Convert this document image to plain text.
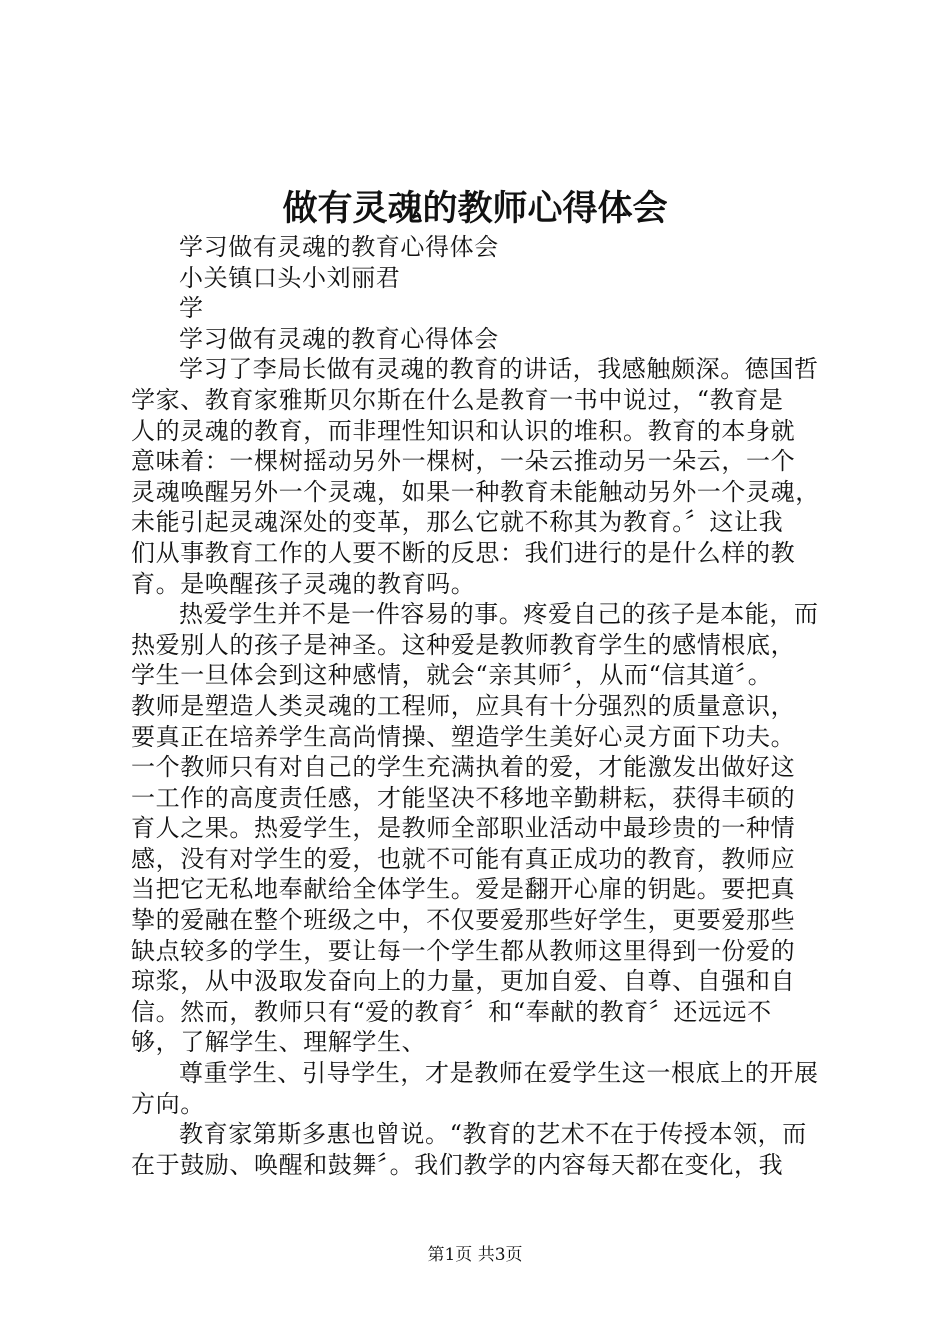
做有灵魂的教师心得体会
学习做有灵魂的教育心得体会
小关镇口头小刘丽君
学
学习做有灵魂的教育心得体会
学习了李局长做有灵魂的教育的讲话，我感触颇深。德国哲
学家、教育家雅斯贝尔斯在什么是教育一书中说过，“教育是
人的灵魂的教育，而非理性知识和认识的堆积。教育的本身就
意味着：一棵树摇动另外一棵树，一朵云推动另一朵云，一个
灵魂唤醒另外一个灵魂，如果一种教育未能触动另外一个灵魂，
未能引起灵魂深处的变革，那么它就不称其为教育。〞这让我
们从事教育工作的人要不断的反思：我们进行的是什么样的教
育。是唤醒孩子灵魂的教育吗。
热爱学生并不是一件容易的事。疼爱自己的孩子是本能，而
热爱别人的孩子是神圣。这种爱是教师教育学生的感情根底，
学生一旦体会到这种感情，就会“亲其师〞，从而“信其道〞。
教师是塑造人类灵魂的工程师，应具有十分强烈的质量意识，
要真正在培养学生高尚情操、塑造学生美好心灵方面下功夫。
一个教师只有对自己的学生充满执着的爱，才能激发出做好这
一工作的高度责任感，才能坚决不移地辛勤耕耘，获得丰硕的
育人之果。热爱学生，是教师全部职业活动中最珍贵的一种情
感，没有对学生的爱，也就不可能有真正成功的教育，教师应
当把它无私地奉献给全体学生。爱是翻开心扉的钥匙。要把真
挚的爱融在整个班级之中，不仅要爱那些好学生，更要爱那些
缺点较多的学生，要让每一个学生都从教师这里得到一份爱的
琼浆，从中汲取发奋向上的力量，更加自爱、自尊、自强和自
信。然而，教师只有“爱的教育〞和“奉献的教育〞还远远不
够，了解学生、理解学生、
尊重学生、引导学生，才是教师在爱学生这一根底上的开展
方向。
教育家第斯多惠也曾说。“教育的艺术不在于传授本领，而
在于鼓励、唤醒和鼓舞〞。我们教学的内容每天都在变化，我
第1页 共3页
